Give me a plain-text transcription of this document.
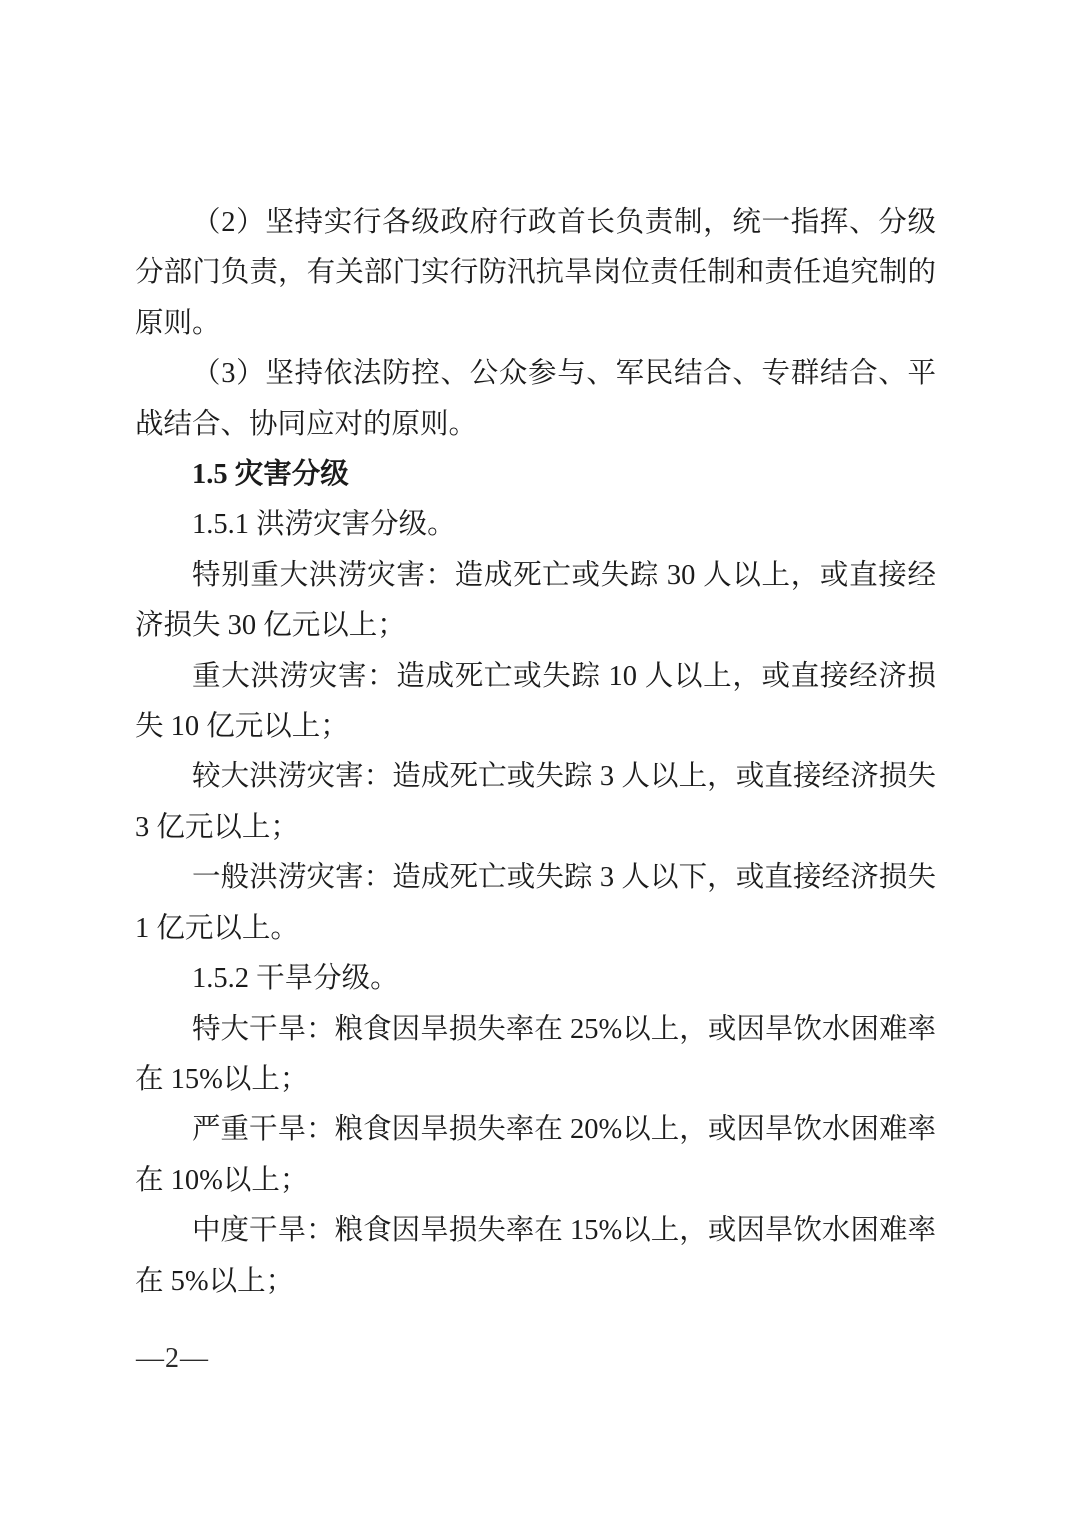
（2）坚持实行各级政府行政首长负责制，统一指挥、分级分部门负责，有关部门实行防汛抗旱岗位责任制和责任追究制的原则。

（3）坚持依法防控、公众参与、军民结合、专群结合、平战结合、协同应对的原则。

1.5 灾害分级

1.5.1 洪涝灾害分级。

特别重大洪涝灾害：造成死亡或失踪 30 人以上，或直接经济损失 30 亿元以上；

重大洪涝灾害：造成死亡或失踪 10 人以上，或直接经济损失 10 亿元以上；

较大洪涝灾害：造成死亡或失踪 3 人以上，或直接经济损失 3 亿元以上；

一般洪涝灾害：造成死亡或失踪 3 人以下，或直接经济损失 1 亿元以上。

1.5.2 干旱分级。

特大干旱：粮食因旱损失率在 25%以上，或因旱饮水困难率在 15%以上；

严重干旱：粮食因旱损失率在 20%以上，或因旱饮水困难率在 10%以上；

中度干旱：粮食因旱损失率在 15%以上，或因旱饮水困难率在 5%以上；

—2—
